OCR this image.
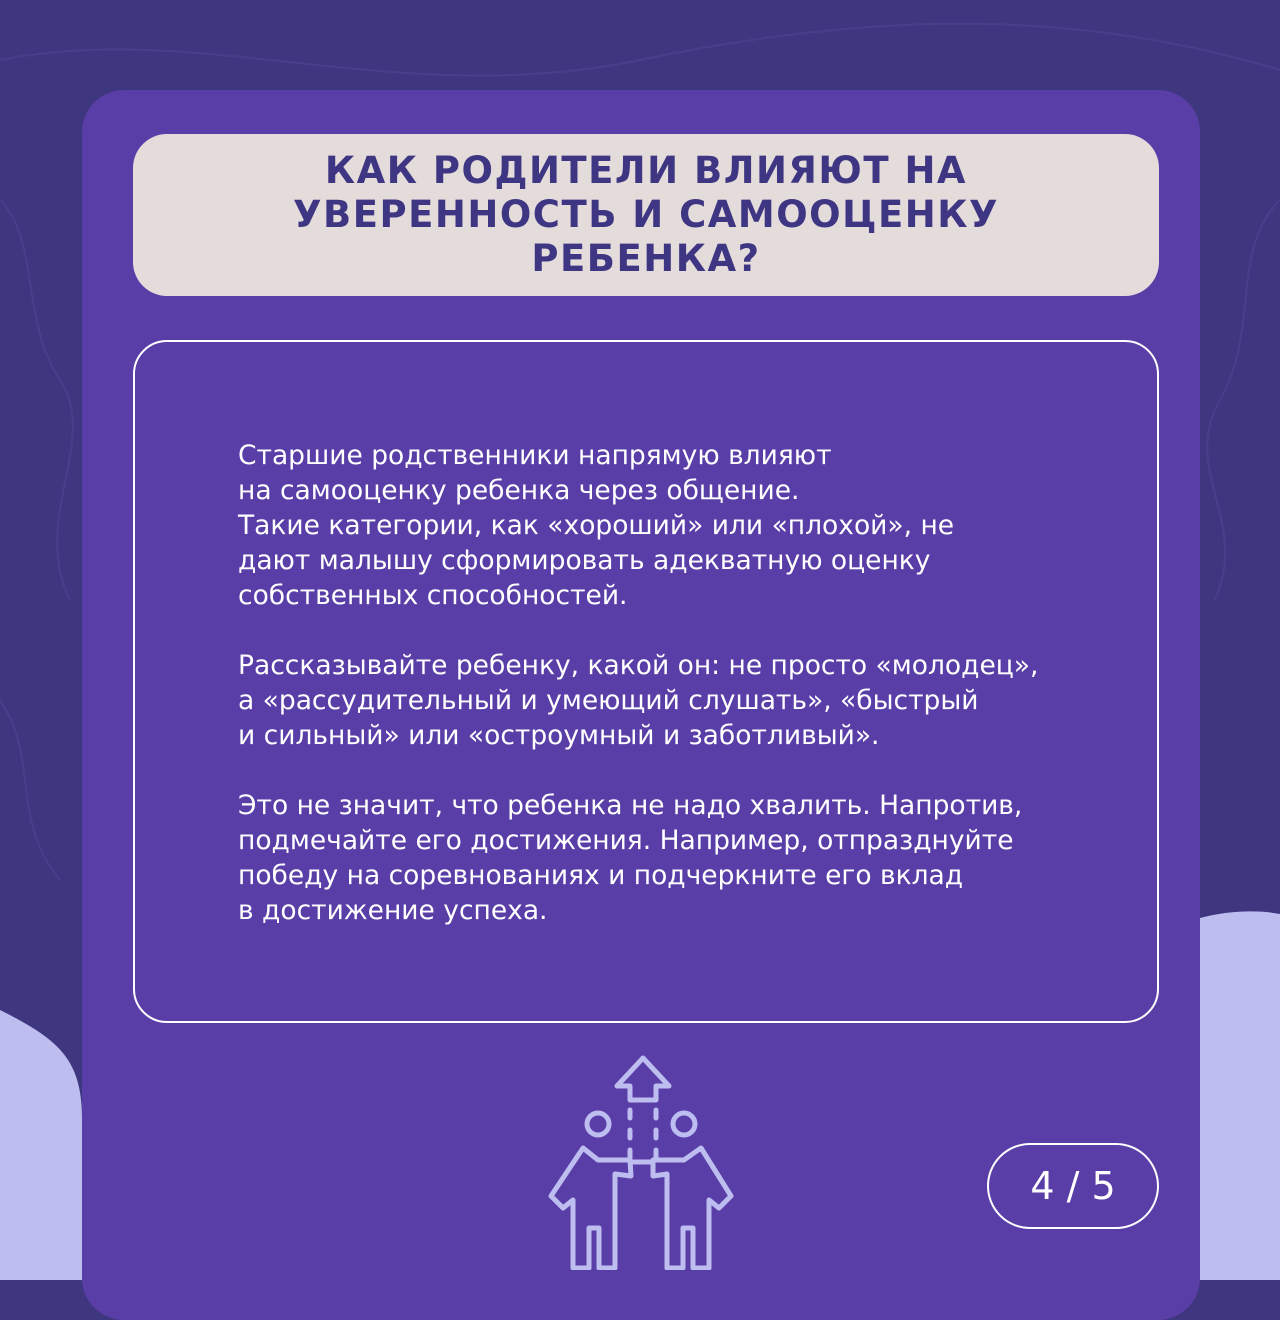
КАК РОДИТЕЛИ ВЛИЯЮТ НА УВЕРЕННОСТЬ И САМООЦЕНКУ РЕБЕНКА?

Старшие родственники напрямую влияют
на самооценку ребенка через общение.
Такие категории, как «хороший» или «плохой», не
дают малышу сформировать адекватную оценку
собственных способностей.

Рассказывайте ребенку, какой он: не просто «молодец»,
а «рассудительный и умеющий слушать», «быстрый
и сильный» или «остроумный и заботливый».

Это не значит, что ребенка не надо хвалить. Напротив,
подмечайте его достижения. Например, отпразднуйте
победу на соревнованиях и подчеркните его вклад
в достижение успеха.

4 / 5
